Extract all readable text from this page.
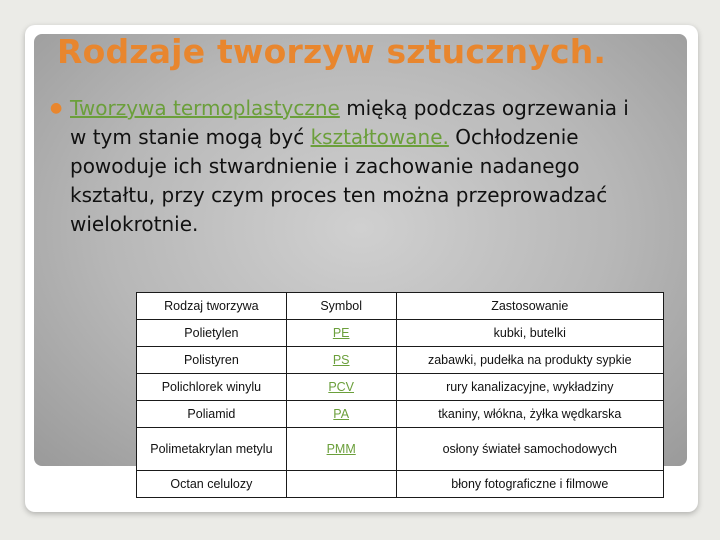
Rodzaje tworzyw sztucznych.
● Tworzywa termoplastyczne mięką podczas ogrzewania i w tym stanie mogą być kształtowane. Ochłodzenie powoduje ich stwardnienie i zachowanie nadanego kształtu, przy czym proces ten można przeprowadzać wielokrotnie.
Rodzaj tworzywa	Symbol	Zastosowanie
Polietylen	PE	kubki, butelki
Polistyren	PS	zabawki, pudełka na produkty sypkie
Polichlorek winylu	PCV	rury kanalizacyjne, wykładziny
Poliamid	PA	tkaniny, włókna, żyłka wędkarska
Polimetakrylan metylu	PMM	osłony świateł samochodowych
Octan celulozy		błony fotograficzne i filmowe
